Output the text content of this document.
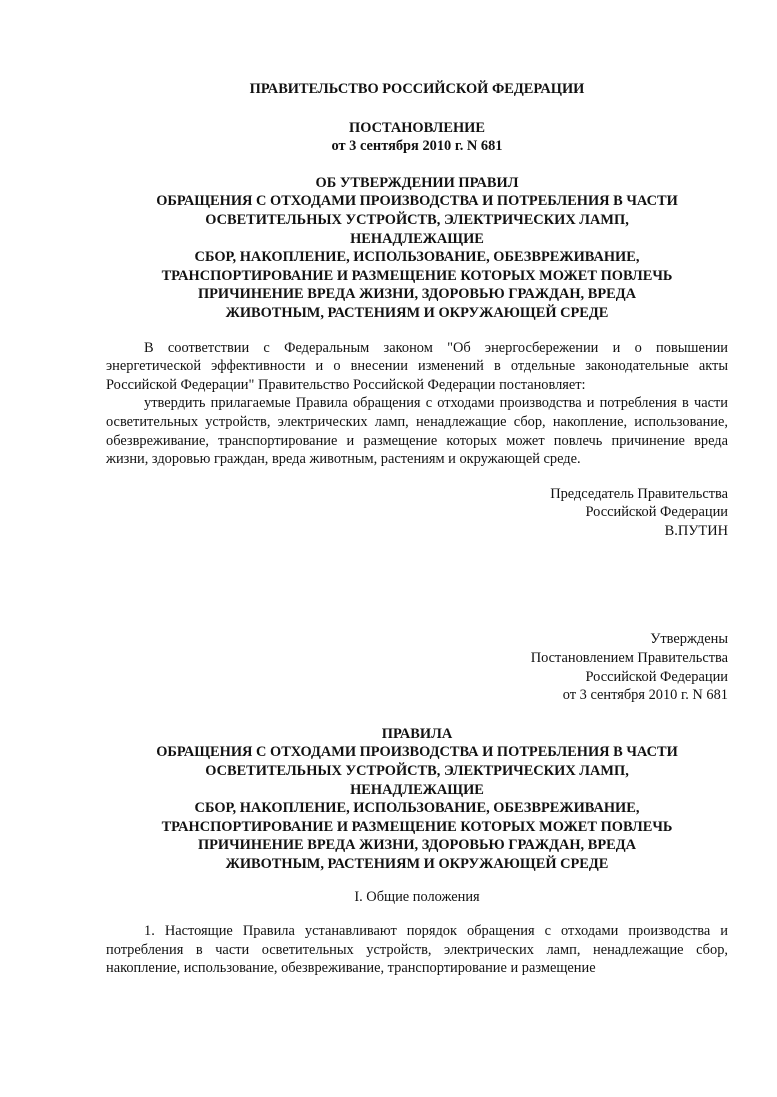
ПРАВИТЕЛЬСТВО РОССИЙСКОЙ ФЕДЕРАЦИИ
ПОСТАНОВЛЕНИЕ
от 3 сентября 2010 г. N 681
ОБ УТВЕРЖДЕНИИ ПРАВИЛ
ОБРАЩЕНИЯ С ОТХОДАМИ ПРОИЗВОДСТВА И ПОТРЕБЛЕНИЯ В ЧАСТИ
ОСВЕТИТЕЛЬНЫХ УСТРОЙСТВ, ЭЛЕКТРИЧЕСКИХ ЛАМП,
НЕНАДЛЕЖАЩИЕ
СБОР, НАКОПЛЕНИЕ, ИСПОЛЬЗОВАНИЕ, ОБЕЗВРЕЖИВАНИЕ,
ТРАНСПОРТИРОВАНИЕ И РАЗМЕЩЕНИЕ КОТОРЫХ МОЖЕТ ПОВЛЕЧЬ
ПРИЧИНЕНИЕ ВРЕДА ЖИЗНИ, ЗДОРОВЬЮ ГРАЖДАН, ВРЕДА
ЖИВОТНЫМ, РАСТЕНИЯМ И ОКРУЖАЮЩЕЙ СРЕДЕ

В соответствии с Федеральным законом "Об энергосбережении и о повышении энергетической эффективности и о внесении изменений в отдельные законодательные акты Российской Федерации" Правительство Российской Федерации постановляет:

утвердить прилагаемые Правила обращения с отходами производства и потребления в части осветительных устройств, электрических ламп, ненадлежащие сбор, накопление, использование, обезвреживание, транспортирование и размещение которых может повлечь причинение вреда жизни, здоровью граждан, вреда животным, растениям и окружающей среде.

Председатель Правительства
Российской Федерации
В.ПУТИН
Утверждены
Постановлением Правительства
Российской Федерации
от 3 сентября 2010 г. N 681
ПРАВИЛА
ОБРАЩЕНИЯ С ОТХОДАМИ ПРОИЗВОДСТВА И ПОТРЕБЛЕНИЯ В ЧАСТИ
ОСВЕТИТЕЛЬНЫХ УСТРОЙСТВ, ЭЛЕКТРИЧЕСКИХ ЛАМП,
НЕНАДЛЕЖАЩИЕ
СБОР, НАКОПЛЕНИЕ, ИСПОЛЬЗОВАНИЕ, ОБЕЗВРЕЖИВАНИЕ,
ТРАНСПОРТИРОВАНИЕ И РАЗМЕЩЕНИЕ КОТОРЫХ МОЖЕТ ПОВЛЕЧЬ
ПРИЧИНЕНИЕ ВРЕДА ЖИЗНИ, ЗДОРОВЬЮ ГРАЖДАН, ВРЕДА
ЖИВОТНЫМ, РАСТЕНИЯМ И ОКРУЖАЮЩЕЙ СРЕДЕ
I. Общие положения

1. Настоящие Правила устанавливают порядок обращения с отходами производства и потребления в части осветительных устройств, электрических ламп, ненадлежащие сбор, накопление, использование, обезвреживание, транспортирование и размещение
